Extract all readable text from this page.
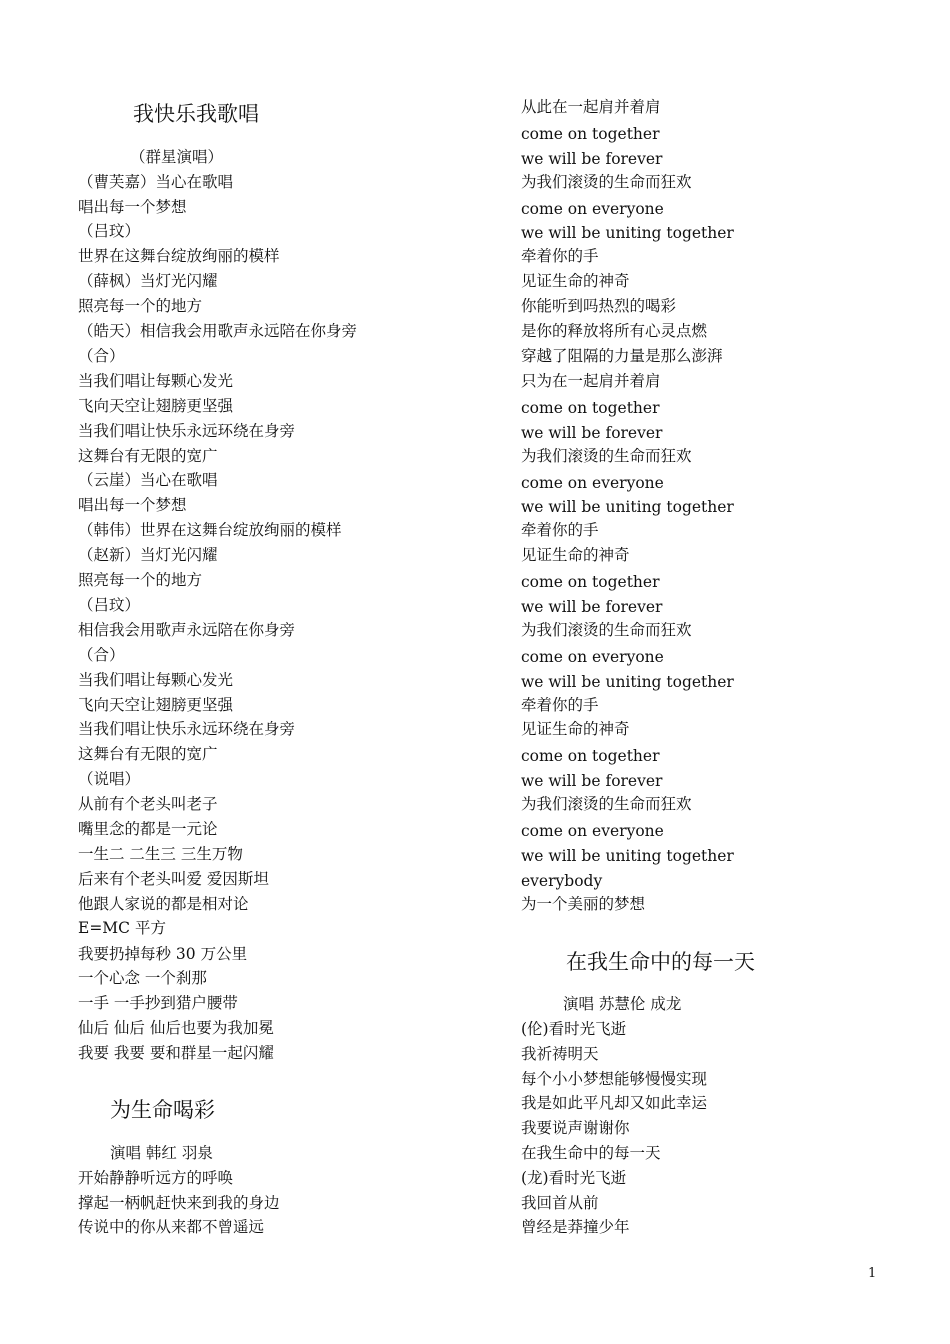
我快乐我歌唱
（群星演唱）
（曹芙嘉）当心在歌唱
唱出每一个梦想
（吕玟）
世界在这舞台绽放绚丽的模样
（薛枫）当灯光闪耀
照亮每一个的地方
（皓天）相信我会用歌声永远陪在你身旁
（合）
当我们唱让每颗心发光
飞向天空让翅膀更坚强
当我们唱让快乐永远环绕在身旁
这舞台有无限的宽广
（云崖）当心在歌唱
唱出每一个梦想
（韩伟）世界在这舞台绽放绚丽的模样
（赵新）当灯光闪耀
照亮每一个的地方
（吕玟）
相信我会用歌声永远陪在你身旁
（合）
当我们唱让每颗心发光
飞向天空让翅膀更坚强
当我们唱让快乐永远环绕在身旁
这舞台有无限的宽广
（说唱）
从前有个老头叫老子
嘴里念的都是一元论
一生二 二生三 三生万物
后来有个老头叫爱 爱因斯坦
他跟人家说的都是相对论
E=MC 平方
我要扔掉每秒 30 万公里
一个心念 一个刹那
一手 一手抄到猎户腰带
仙后 仙后 仙后也要为我加冕
我要 我要 要和群星一起闪耀
为生命喝彩
演唱 韩红 羽泉
开始静静听远方的呼唤
撑起一柄帆赶快来到我的身边
传说中的你从来都不曾遥远
从此在一起肩并着肩
come on together
we will be forever
为我们滚烫的生命而狂欢
come on everyone
we will be uniting together
牵着你的手
见证生命的神奇
你能听到吗热烈的喝彩
是你的释放将所有心灵点燃
穿越了阻隔的力量是那么澎湃
只为在一起肩并着肩
come on together
we will be forever
为我们滚烫的生命而狂欢
come on everyone
we will be uniting together
牵着你的手
见证生命的神奇
come on together
we will be forever
为我们滚烫的生命而狂欢
come on everyone
we will be uniting together
牵着你的手
见证生命的神奇
come on together
we will be forever
为我们滚烫的生命而狂欢
come on everyone
we will be uniting together
everybody
为一个美丽的梦想
在我生命中的每一天
演唱 苏慧伦 成龙
(伦)看时光飞逝
我祈祷明天
每个小小梦想能够慢慢实现
我是如此平凡却又如此幸运
我要说声谢谢你
在我生命中的每一天
(龙)看时光飞逝
我回首从前
曾经是莽撞少年
1
